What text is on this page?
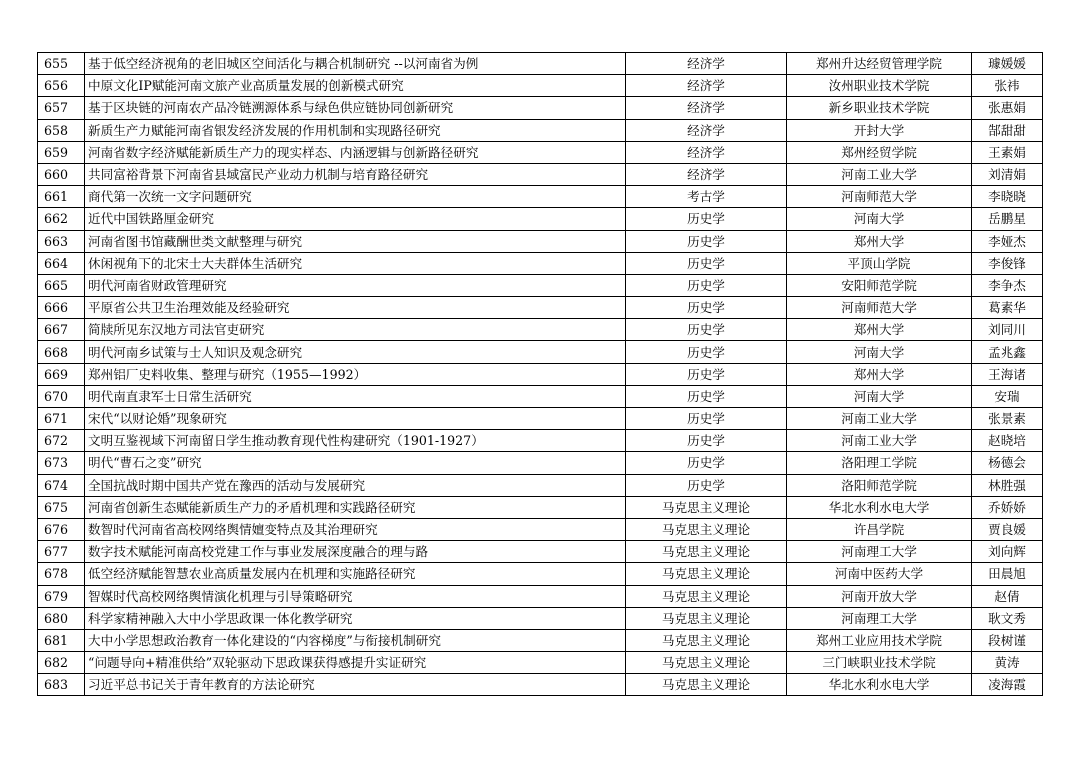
655	基于低空经济视角的老旧城区空间活化与耦合机制研究 --以河南省为例	经济学	郑州升达经贸管理学院	璩媛媛
656	中原文化IP赋能河南文旅产业高质量发展的创新模式研究	经济学	汝州职业技术学院	张祎
657	基于区块链的河南农产品冷链溯源体系与绿色供应链协同创新研究	经济学	新乡职业技术学院	张惠娟
658	新质生产力赋能河南省银发经济发展的作用机制和实现路径研究	经济学	开封大学	郜甜甜
659	河南省数字经济赋能新质生产力的现实样态、内涵逻辑与创新路径研究	经济学	郑州经贸学院	王素娟
660	共同富裕背景下河南省县域富民产业动力机制与培育路径研究	经济学	河南工业大学	刘清娟
661	商代第一次统一文字问题研究	考古学	河南师范大学	李晓晓
662	近代中国铁路厘金研究	历史学	河南大学	岳鹏星
663	河南省图书馆藏酬世类文献整理与研究	历史学	郑州大学	李娅杰
664	休闲视角下的北宋士大夫群体生活研究	历史学	平顶山学院	李俊锋
665	明代河南省财政管理研究	历史学	安阳师范学院	李争杰
666	平原省公共卫生治理效能及经验研究	历史学	河南师范大学	葛素华
667	简牍所见东汉地方司法官吏研究	历史学	郑州大学	刘同川
668	明代河南乡试策与士人知识及观念研究	历史学	河南大学	孟兆鑫
669	郑州铝厂史料收集、整理与研究（1955—1992）	历史学	郑州大学	王海诸
670	明代南直隶军士日常生活研究	历史学	河南大学	安瑞
671	宋代“以财论婚”现象研究	历史学	河南工业大学	张景素
672	文明互鉴视域下河南留日学生推动教育现代性构建研究（1901-1927）	历史学	河南工业大学	赵晓培
673	明代“曹石之变”研究	历史学	洛阳理工学院	杨德会
674	全国抗战时期中国共产党在豫西的活动与发展研究	历史学	洛阳师范学院	林胜强
675	河南省创新生态赋能新质生产力的矛盾机理和实践路径研究	马克思主义理论	华北水利水电大学	乔娇娇
676	数智时代河南省高校网络舆情嬗变特点及其治理研究	马克思主义理论	许昌学院	贾良媛
677	数字技术赋能河南高校党建工作与事业发展深度融合的理与路	马克思主义理论	河南理工大学	刘向辉
678	低空经济赋能智慧农业高质量发展内在机理和实施路径研究	马克思主义理论	河南中医药大学	田晨旭
679	智媒时代高校网络舆情演化机理与引导策略研究	马克思主义理论	河南开放大学	赵倩
680	科学家精神融入大中小学思政课一体化教学研究	马克思主义理论	河南理工大学	耿文秀
681	大中小学思想政治教育一体化建设的“内容梯度”与衔接机制研究	马克思主义理论	郑州工业应用技术学院	段树谨
682	“问题导向+精准供给”双轮驱动下思政课获得感提升实证研究	马克思主义理论	三门峡职业技术学院	黄涛
683	习近平总书记关于青年教育的方法论研究	马克思主义理论	华北水利水电大学	凌海霞
